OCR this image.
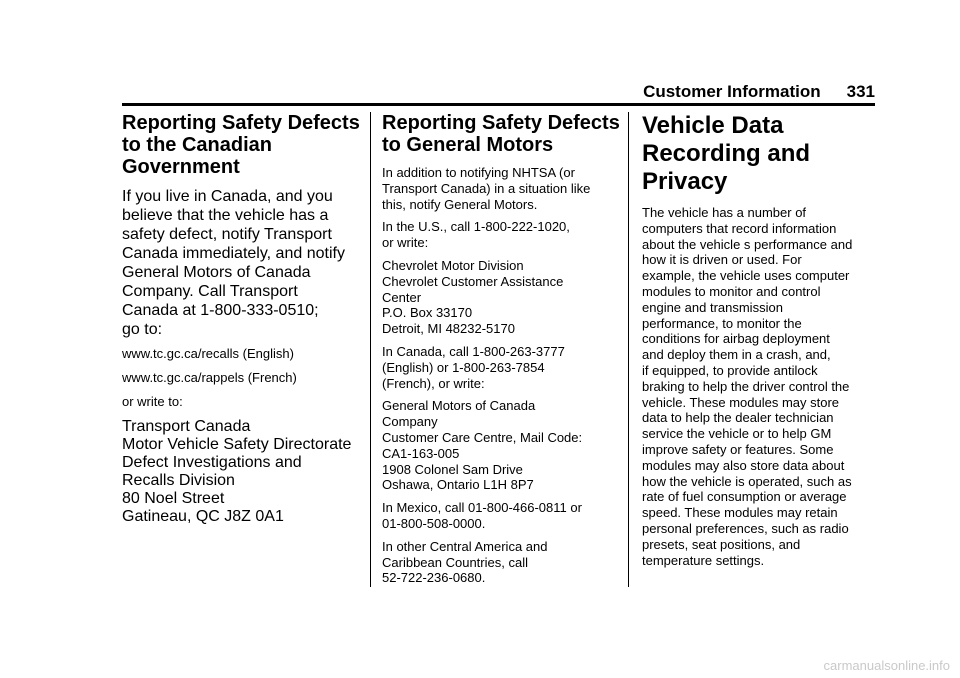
Customer Information 331
Reporting Safety Defects
to the Canadian
Government

If you live in Canada, and you
believe that the vehicle has a
safety defect, notify Transport
Canada immediately, and notify
General Motors of Canada
Company. Call Transport
Canada at 1-800-333-0510;
go to:

www.tc.gc.ca/recalls (English)

www.tc.gc.ca/rappels (French)

or write to:

Transport Canada
Motor Vehicle Safety Directorate
Defect Investigations and
Recalls Division
80 Noel Street
Gatineau, QC J8Z 0A1

Reporting Safety Defects
to General Motors

In addition to notifying NHTSA (or
Transport Canada) in a situation like
this, notify General Motors.

In the U.S., call 1-800-222-1020,
or write:

Chevrolet Motor Division
Chevrolet Customer Assistance
Center
P.O. Box 33170
Detroit, MI 48232-5170

In Canada, call 1-800-263-3777
(English) or 1-800-263-7854
(French), or write:

General Motors of Canada
Company
Customer Care Centre, Mail Code:
CA1-163-005
1908 Colonel Sam Drive
Oshawa, Ontario L1H 8P7

In Mexico, call 01-800-466-0811 or
01-800-508-0000.

In other Central America and
Caribbean Countries, call
52-722-236-0680.

Vehicle Data
Recording and
Privacy

The vehicle has a number of
computers that record information
about the vehicle s performance and
how it is driven or used. For
example, the vehicle uses computer
modules to monitor and control
engine and transmission
performance, to monitor the
conditions for airbag deployment
and deploy them in a crash, and,
if equipped, to provide antilock
braking to help the driver control the
vehicle. These modules may store
data to help the dealer technician
service the vehicle or to help GM
improve safety or features. Some
modules may also store data about
how the vehicle is operated, such as
rate of fuel consumption or average
speed. These modules may retain
personal preferences, such as radio
presets, seat positions, and
temperature settings.

carmanualsonline.info
